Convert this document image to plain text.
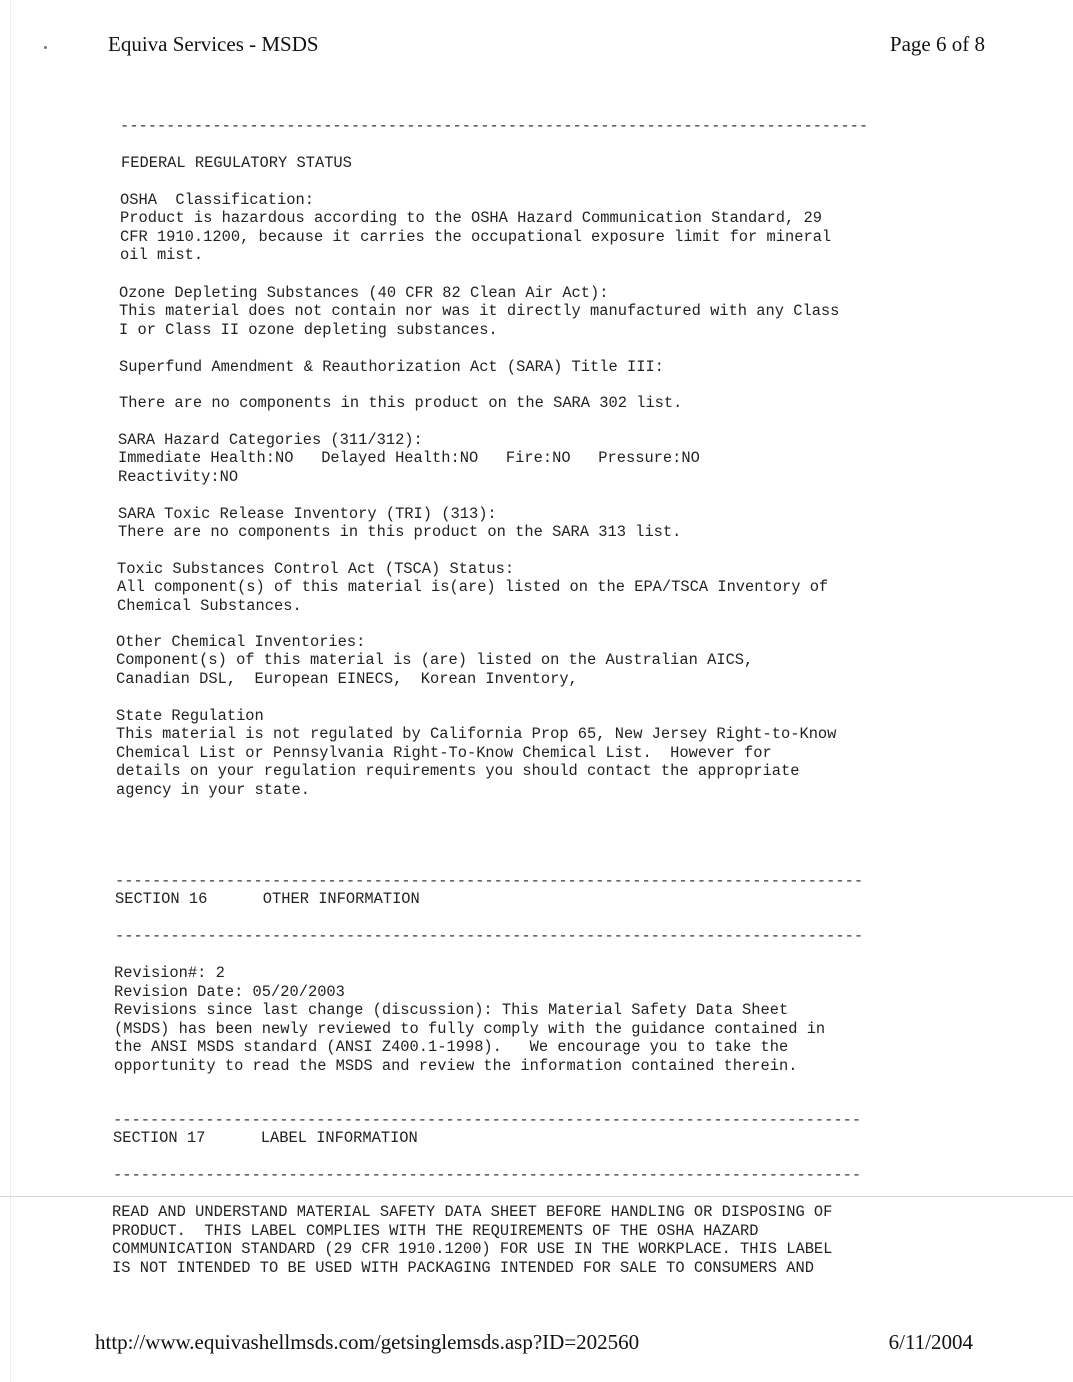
Equiva Services - MSDS	Page 6 of 8
---------------------------------------------------------------------------------
FEDERAL REGULATORY STATUS
OSHA  Classification:
Product is hazardous according to the OSHA Hazard Communication Standard, 29
CFR 1910.1200, because it carries the occupational exposure limit for mineral
oil mist.
Ozone Depleting Substances (40 CFR 82 Clean Air Act):
This material does not contain nor was it directly manufactured with any Class
I or Class II ozone depleting substances.
Superfund Amendment & Reauthorization Act (SARA) Title III:
There are no components in this product on the SARA 302 list.
SARA Hazard Categories (311/312):
Immediate Health:NO   Delayed Health:NO   Fire:NO   Pressure:NO
Reactivity:NO
SARA Toxic Release Inventory (TRI) (313):
There are no components in this product on the SARA 313 list.
Toxic Substances Control Act (TSCA) Status:
All component(s) of this material is(are) listed on the EPA/TSCA Inventory of
Chemical Substances.
Other Chemical Inventories:
Component(s) of this material is (are) listed on the Australian AICS,
Canadian DSL,  European EINECS,  Korean Inventory,
State Regulation
This material is not regulated by California Prop 65, New Jersey Right-to-Know
Chemical List or Pennsylvania Right-To-Know Chemical List.  However for
details on your regulation requirements you should contact the appropriate
agency in your state.
---------------------------------------------------------------------------------
SECTION 16      OTHER INFORMATION
---------------------------------------------------------------------------------
Revision#: 2
Revision Date: 05/20/2003
Revisions since last change (discussion): This Material Safety Data Sheet
(MSDS) has been newly reviewed to fully comply with the guidance contained in
the ANSI MSDS standard (ANSI Z400.1-1998).   We encourage you to take the
opportunity to read the MSDS and review the information contained therein.
---------------------------------------------------------------------------------
SECTION 17      LABEL INFORMATION
---------------------------------------------------------------------------------
READ AND UNDERSTAND MATERIAL SAFETY DATA SHEET BEFORE HANDLING OR DISPOSING OF
PRODUCT.  THIS LABEL COMPLIES WITH THE REQUIREMENTS OF THE OSHA HAZARD
COMMUNICATION STANDARD (29 CFR 1910.1200) FOR USE IN THE WORKPLACE. THIS LABEL
IS NOT INTENDED TO BE USED WITH PACKAGING INTENDED FOR SALE TO CONSUMERS AND
http://www.equivashellmsds.com/getsinglemsds.asp?ID=202560	6/11/2004
